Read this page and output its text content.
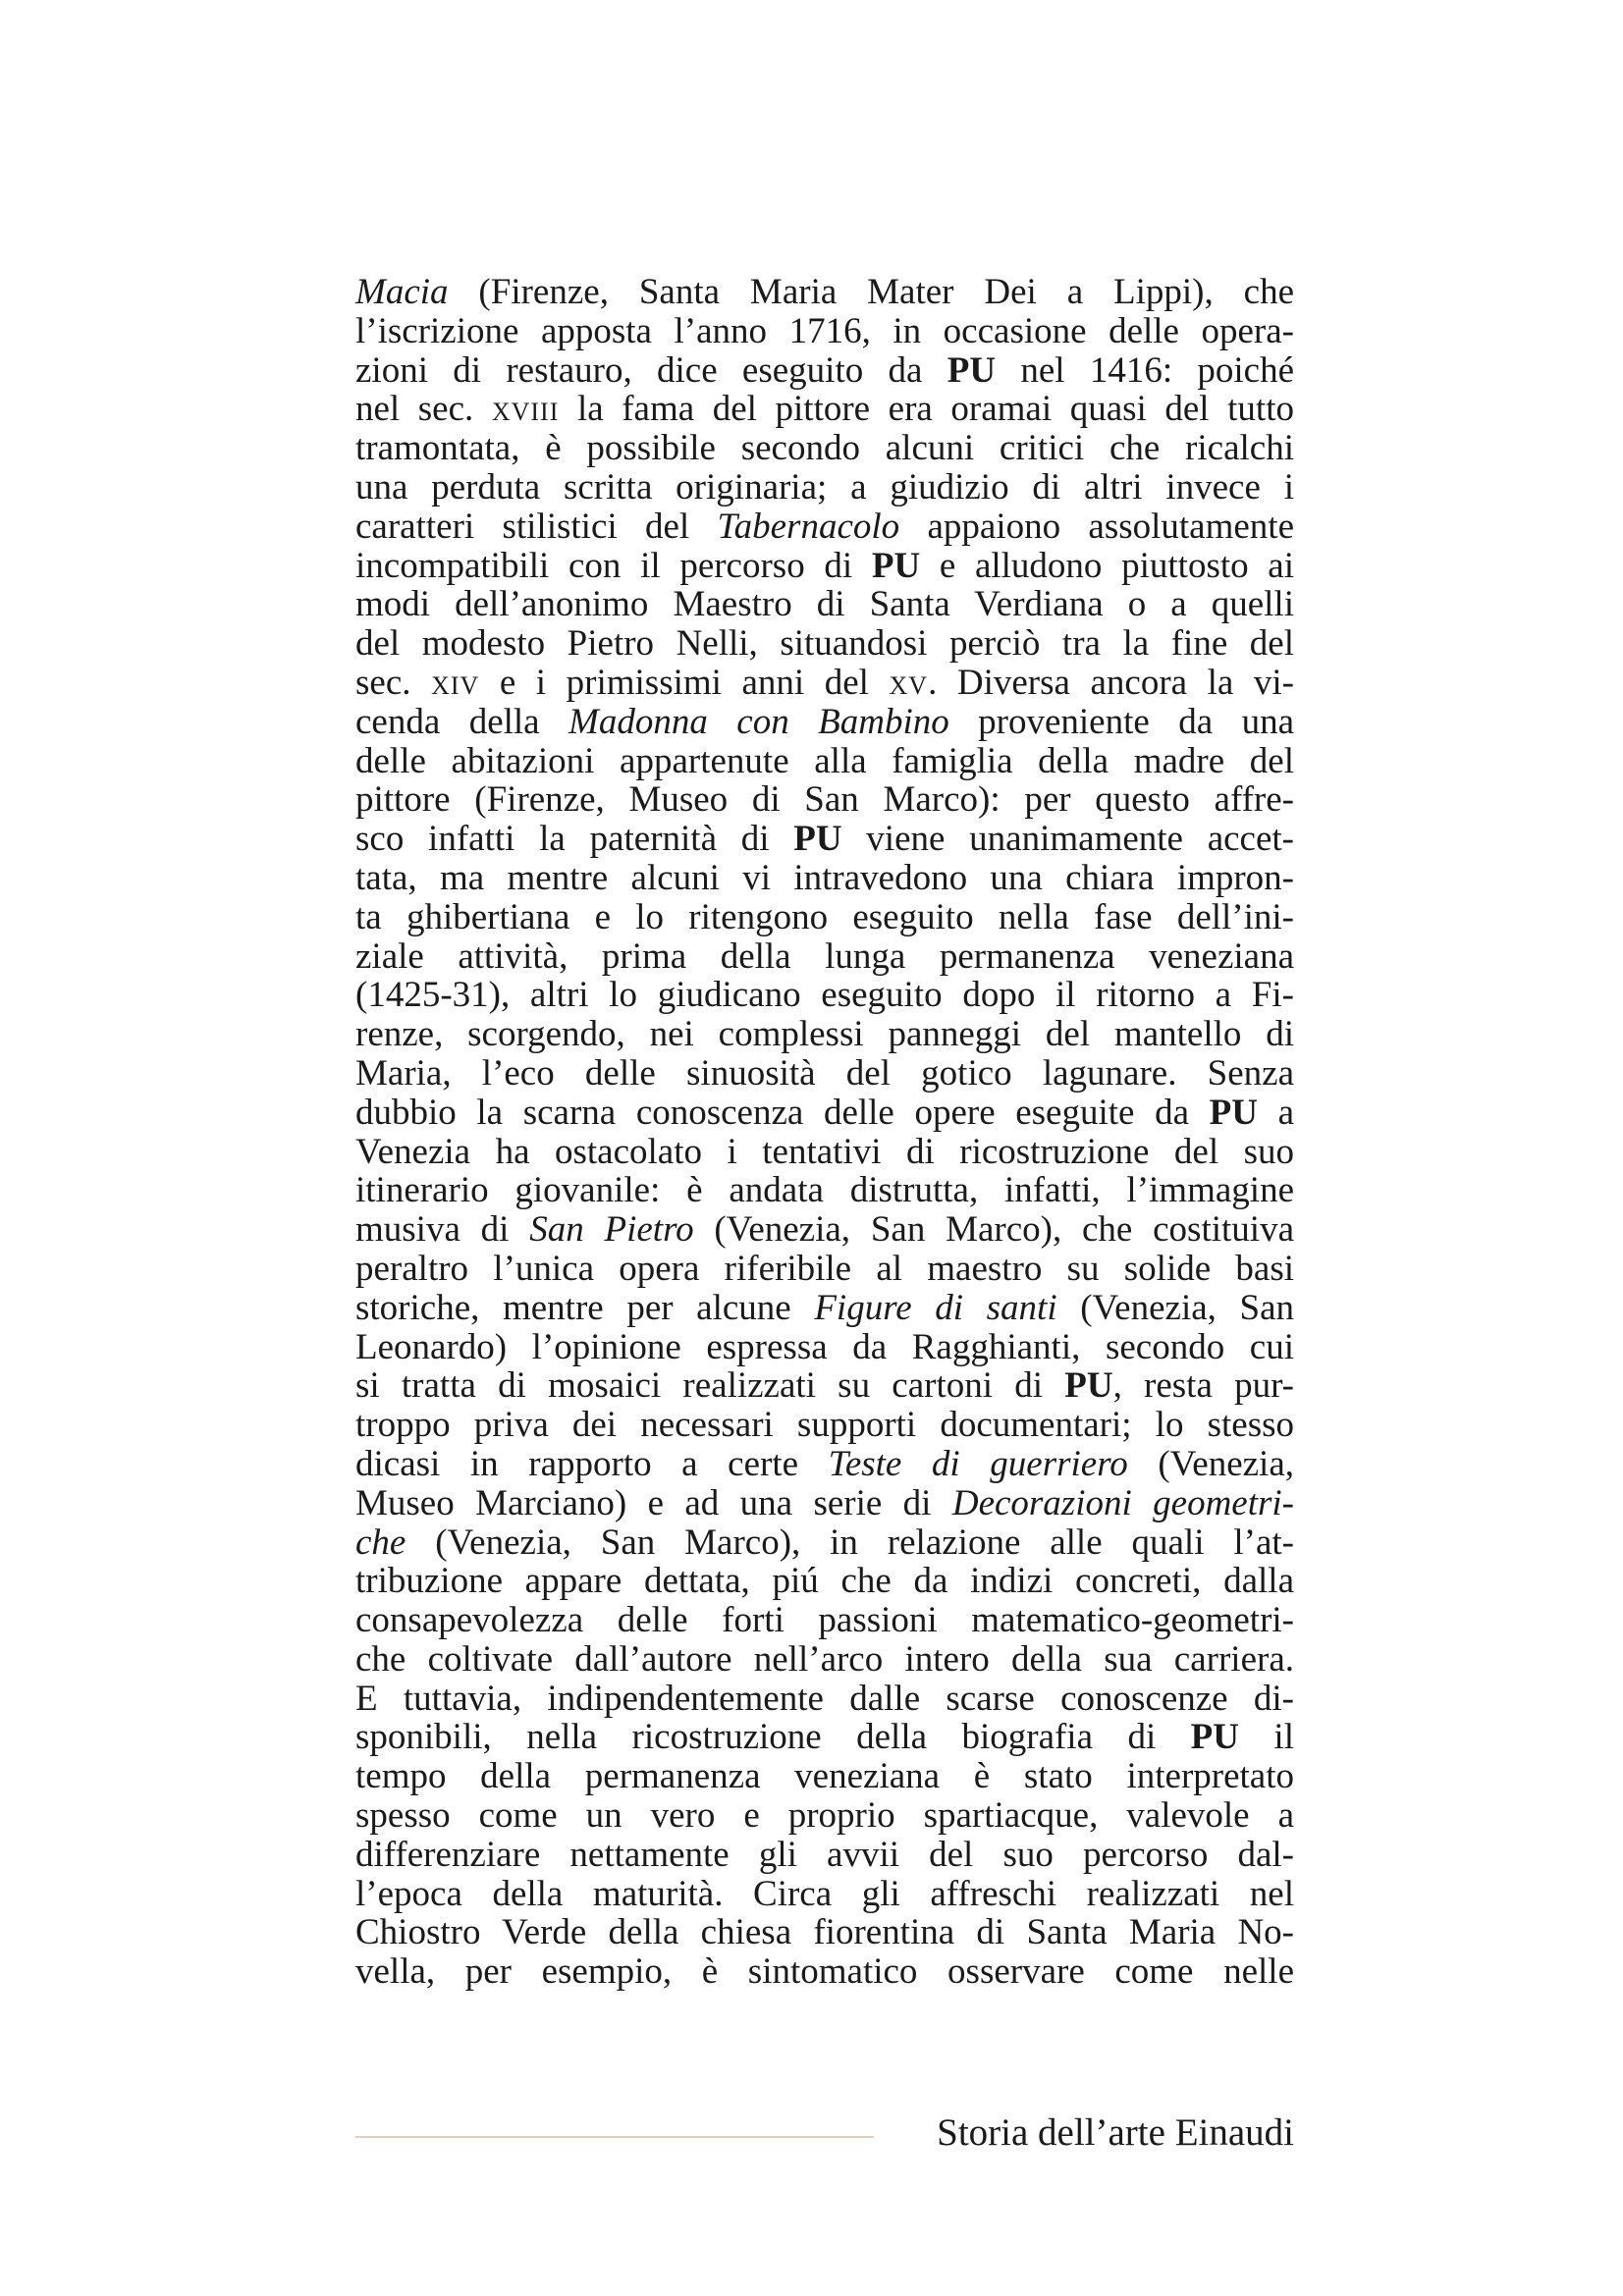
Macia (Firenze, Santa Maria Mater Dei a Lippi), che
l’iscrizione apposta l’anno 1716, in occasione delle opera-
zioni di restauro, dice eseguito da PU nel 1416: poiché
nel sec. xviii la fama del pittore era oramai quasi del tutto
tramontata, è possibile secondo alcuni critici che ricalchi
una perduta scritta originaria; a giudizio di altri invece i
caratteri stilistici del Tabernacolo appaiono assolutamente
incompatibili con il percorso di PU e alludono piuttosto ai
modi dell’anonimo Maestro di Santa Verdiana o a quelli
del modesto Pietro Nelli, situandosi perciò tra la fine del
sec. xiv e i primissimi anni del xv. Diversa ancora la vi-
cenda della Madonna con Bambino proveniente da una
delle abitazioni appartenute alla famiglia della madre del
pittore (Firenze, Museo di San Marco): per questo affre-
sco infatti la paternità di PU viene unanimamente accet-
tata, ma mentre alcuni vi intravedono una chiara impron-
ta ghibertiana e lo ritengono eseguito nella fase dell’ini-
ziale attività, prima della lunga permanenza veneziana
(1425-31), altri lo giudicano eseguito dopo il ritorno a Fi-
renze, scorgendo, nei complessi panneggi del mantello di
Maria, l’eco delle sinuosità del gotico lagunare. Senza
dubbio la scarna conoscenza delle opere eseguite da PU a
Venezia ha ostacolato i tentativi di ricostruzione del suo
itinerario giovanile: è andata distrutta, infatti, l’immagine
musiva di San Pietro (Venezia, San Marco), che costituiva
peraltro l’unica opera riferibile al maestro su solide basi
storiche, mentre per alcune Figure di santi (Venezia, San
Leonardo) l’opinione espressa da Ragghianti, secondo cui
si tratta di mosaici realizzati su cartoni di PU, resta pur-
troppo priva dei necessari supporti documentari; lo stesso
dicasi in rapporto a certe Teste di guerriero (Venezia,
Museo Marciano) e ad una serie di Decorazioni geometri-
che (Venezia, San Marco), in relazione alle quali l’at-
tribuzione appare dettata, piú che da indizi concreti, dalla
consapevolezza delle forti passioni matematico-geometri-
che coltivate dall’autore nell’arco intero della sua carriera.
E tuttavia, indipendentemente dalle scarse conoscenze di-
sponibili, nella ricostruzione della biografia di PU il
tempo della permanenza veneziana è stato interpretato
spesso come un vero e proprio spartiacque, valevole a
differenziare nettamente gli avvii del suo percorso dal-
l’epoca della maturità. Circa gli affreschi realizzati nel
Chiostro Verde della chiesa fiorentina di Santa Maria No-
vella, per esempio, è sintomatico osservare come nelle
Storia dell’arte Einaudi
